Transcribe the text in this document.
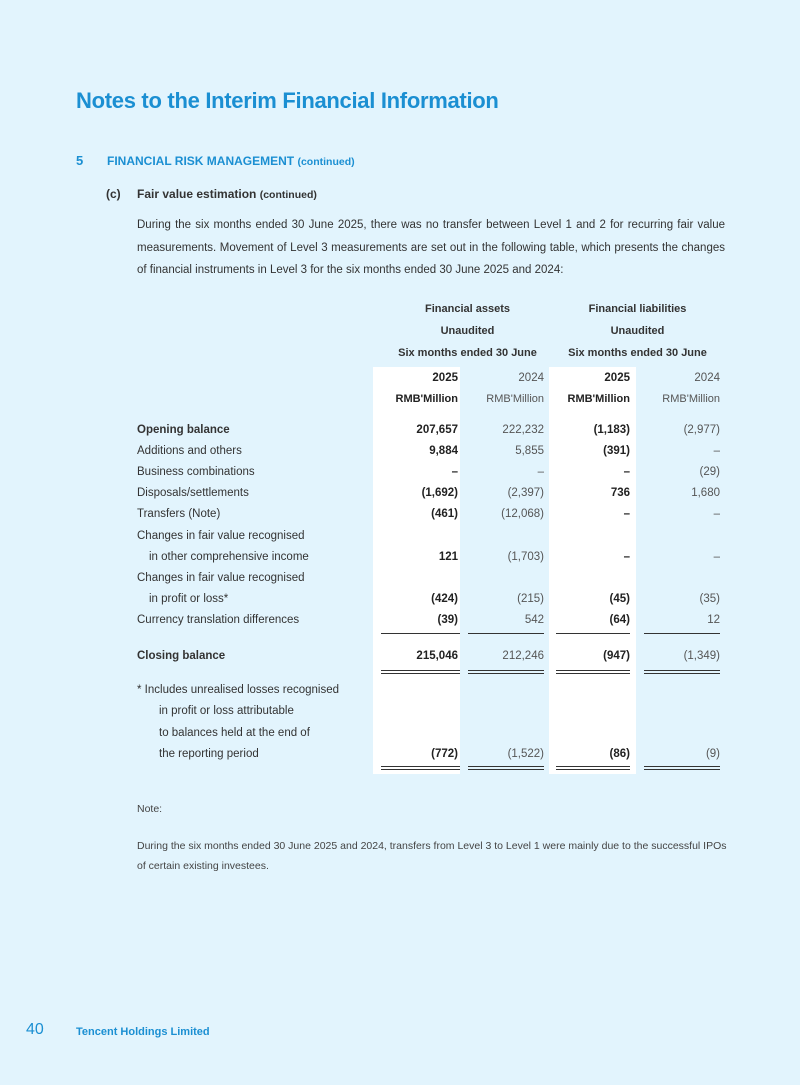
Notes to the Interim Financial Information
5 FINANCIAL RISK MANAGEMENT (continued)
(c) Fair value estimation (continued)

During the six months ended 30 June 2025, there was no transfer between Level 1 and 2 for recurring fair value measurements. Movement of Level 3 measurements are set out in the following table, which presents the changes of financial instruments in Level 3 for the six months ended 30 June 2025 and 2024:

Financial assets
Unaudited
Six months ended 30 June
Financial liabilities
Unaudited
Six months ended 30 June
2025	2024	2025	2024
RMB'Million	RMB'Million	RMB'Million	RMB'Million
Opening balance	207,657	222,232	(1,183)	(2,977)
Additions and others	9,884	5,855	(391)	–
Business combinations	–	–	–	(29)
Disposals/settlements	(1,692)	(2,397)	736	1,680
Transfers (Note)	(461)	(12,068)	–	–
Changes in fair value recognised
in other comprehensive income	121	(1,703)	–	–
Changes in fair value recognised
in profit or loss*	(424)	(215)	(45)	(35)
Currency translation differences	(39)	542	(64)	12
Closing balance	215,046	212,246	(947)	(1,349)
* Includes unrealised losses recognised
in profit or loss attributable
to balances held at the end of
the reporting period	(772)	(1,522)	(86)	(9)
Note:

During the six months ended 30 June 2025 and 2024, transfers from Level 3 to Level 1 were mainly due to the successful IPOs of certain existing investees.

40	Tencent Holdings Limited
